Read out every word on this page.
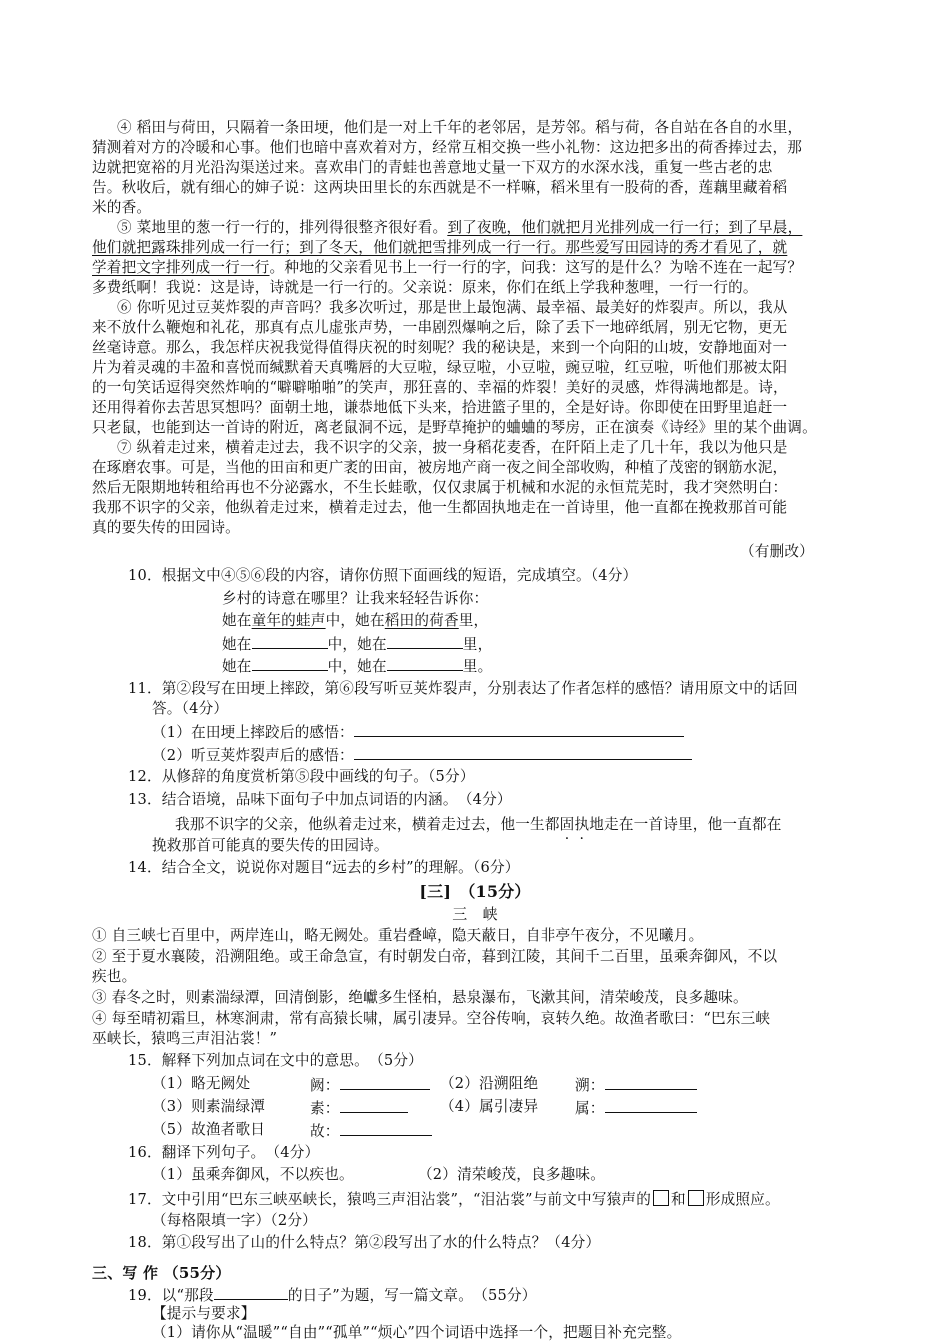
④ 稻田与荷田，只隔着一条田埂，他们是一对上千年的老邻居，是芳邻。稻与荷，各自站在各自的水里，
猜测着对方的冷暖和心事。他们也暗中喜欢着对方，经常互相交换一些小礼物：这边把多出的荷香捧过去，那
边就把宽裕的月光沿沟渠送过来。喜欢串门的青蛙也善意地丈量一下双方的水深水浅，重复一些古老的忠
告。秋收后，就有细心的婶子说：这两块田里长的东西就是不一样嘛，稻米里有一股荷的香，莲藕里藏着稻
米的香。
⑤ 菜地里的葱一行一行的，排列得很整齐很好看。到了夜晚，他们就把月光排列成一行一行；到了早晨，
他们就把露珠排列成一行一行；到了冬天，他们就把雪排列成一行一行。那些爱写田园诗的秀才看见了，就
学着把文字排列成一行一行。种地的父亲看见书上一行一行的字，问我：这写的是什么？为啥不连在一起写？
多费纸啊！我说：这是诗，诗就是一行一行的。父亲说：原来，你们在纸上学我种葱哩，一行一行的。
⑥ 你听见过豆荚炸裂的声音吗？我多次听过，那是世上最饱满、最幸福、最美好的炸裂声。所以，我从
来不放什么鞭炮和礼花，那真有点儿虚张声势，一串剧烈爆响之后，除了丢下一地碎纸屑，别无它物，更无
丝毫诗意。那么，我怎样庆祝我觉得值得庆祝的时刻呢？我的秘诀是，来到一个向阳的山坡，安静地面对一
片为着灵魂的丰盈和喜悦而缄默着天真嘴唇的大豆啦，绿豆啦，小豆啦，豌豆啦，红豆啦，听他们那被太阳
的一句笑话逗得突然炸响的“噼噼啪啪”的笑声，那狂喜的、幸福的炸裂！美好的灵感，炸得满地都是。诗，
还用得着你去苦思冥想吗？面朝土地，谦恭地低下头来，拾进篮子里的，全是好诗。你即使在田野里追赶一
只老鼠，也能到达一首诗的附近，离老鼠洞不远，是野草掩护的蛐蛐的琴房，正在演奏《诗经》里的某个曲调。
⑦ 纵着走过来，横着走过去，我不识字的父亲，披一身稻花麦香，在阡陌上走了几十年，我以为他只是
在琢磨农事。可是，当他的田亩和更广袤的田亩，被房地产商一夜之间全部收购，种植了茂密的钢筋水泥，
然后无限期地转租给再也不分泌露水，不生长蛙歌，仅仅隶属于机械和水泥的永恒荒芜时，我才突然明白：
我那不识字的父亲，他纵着走过来，横着走过去，他一生都固执地走在一首诗里，他一直都在挽救那首可能
真的要失传的田园诗。
（有删改）
10．根据文中④⑤⑥段的内容，请你仿照下面画线的短语，完成填空。（4分）
乡村的诗意在哪里？让我来轻轻告诉你：
她在童年的蛙声中，她在稻田的荷香里，
她在	中，她在	里，
她在	中，她在	里。
11．第②段写在田埂上摔跤，第⑥段写听豆荚炸裂声，分别表达了作者怎样的感悟？请用原文中的话回
答。（4分）
（1）在田埂上摔跤后的感悟：
（2）听豆荚炸裂声后的感悟：
12．从修辞的角度赏析第⑤段中画线的句子。（5分）
13．结合语境，品味下面句子中加点词语的内涵。　（4分）
我那不识字的父亲，他纵着走过来，横着走过去，他一生都固执地走在一首诗里，他一直都在
挽救那首可能真的要失传的田园诗。
14．结合全文，说说你对题目“远去的乡村”的理解。（6分）
[三]　（15分）
三　峡
① 自三峡七百里中，两岸连山，略无阙处。重岩叠嶂，隐天蔽日，自非亭午夜分，不见曦月。
② 至于夏水襄陵，沿溯阻绝。或王命急宣，有时朝发白帝，暮到江陵，其间千二百里，虽乘奔御风，不以
疾也。
③ 春冬之时，则素湍绿潭，回清倒影，绝巘多生怪柏，悬泉瀑布，飞漱其间，清荣峻茂，良多趣味。
④ 每至晴初霜旦，林寒涧肃，常有高猿长啸，属引凄异。空谷传响，哀转久绝。故渔者歌曰：“巴东三峡
巫峡长，猿鸣三声泪沾裳！”
15．解释下列加点词在文中的意思。　（5分）
（1）略无阙处	阙：	（2）沿溯阻绝	溯：
（3）则素湍绿潭	素：	（4）属引凄异	属：
（5）故渔者歌日	故：
16．翻译下列句子。　（4分）
（1）虽乘奔御风，不以疾也。	（2）清荣峻茂，良多趣味。
17．文中引用“巴东三峡巫峡长，猿鸣三声泪沾裳”，“泪沾裳”与前文中写猿声的 和 形成照应。
（每格限填一字）（2分）
18．第①段写出了山的什么特点？第②段写出了水的什么特点？（4分）
三、写 作 （55分）
19．以“那段	的日子”为题，写一篇文章。　（55分）
【提示与要求】
（1）请你从“温暖”“自由”“孤单”“烦心”四个词语中选择一个，把题目补充完整。
